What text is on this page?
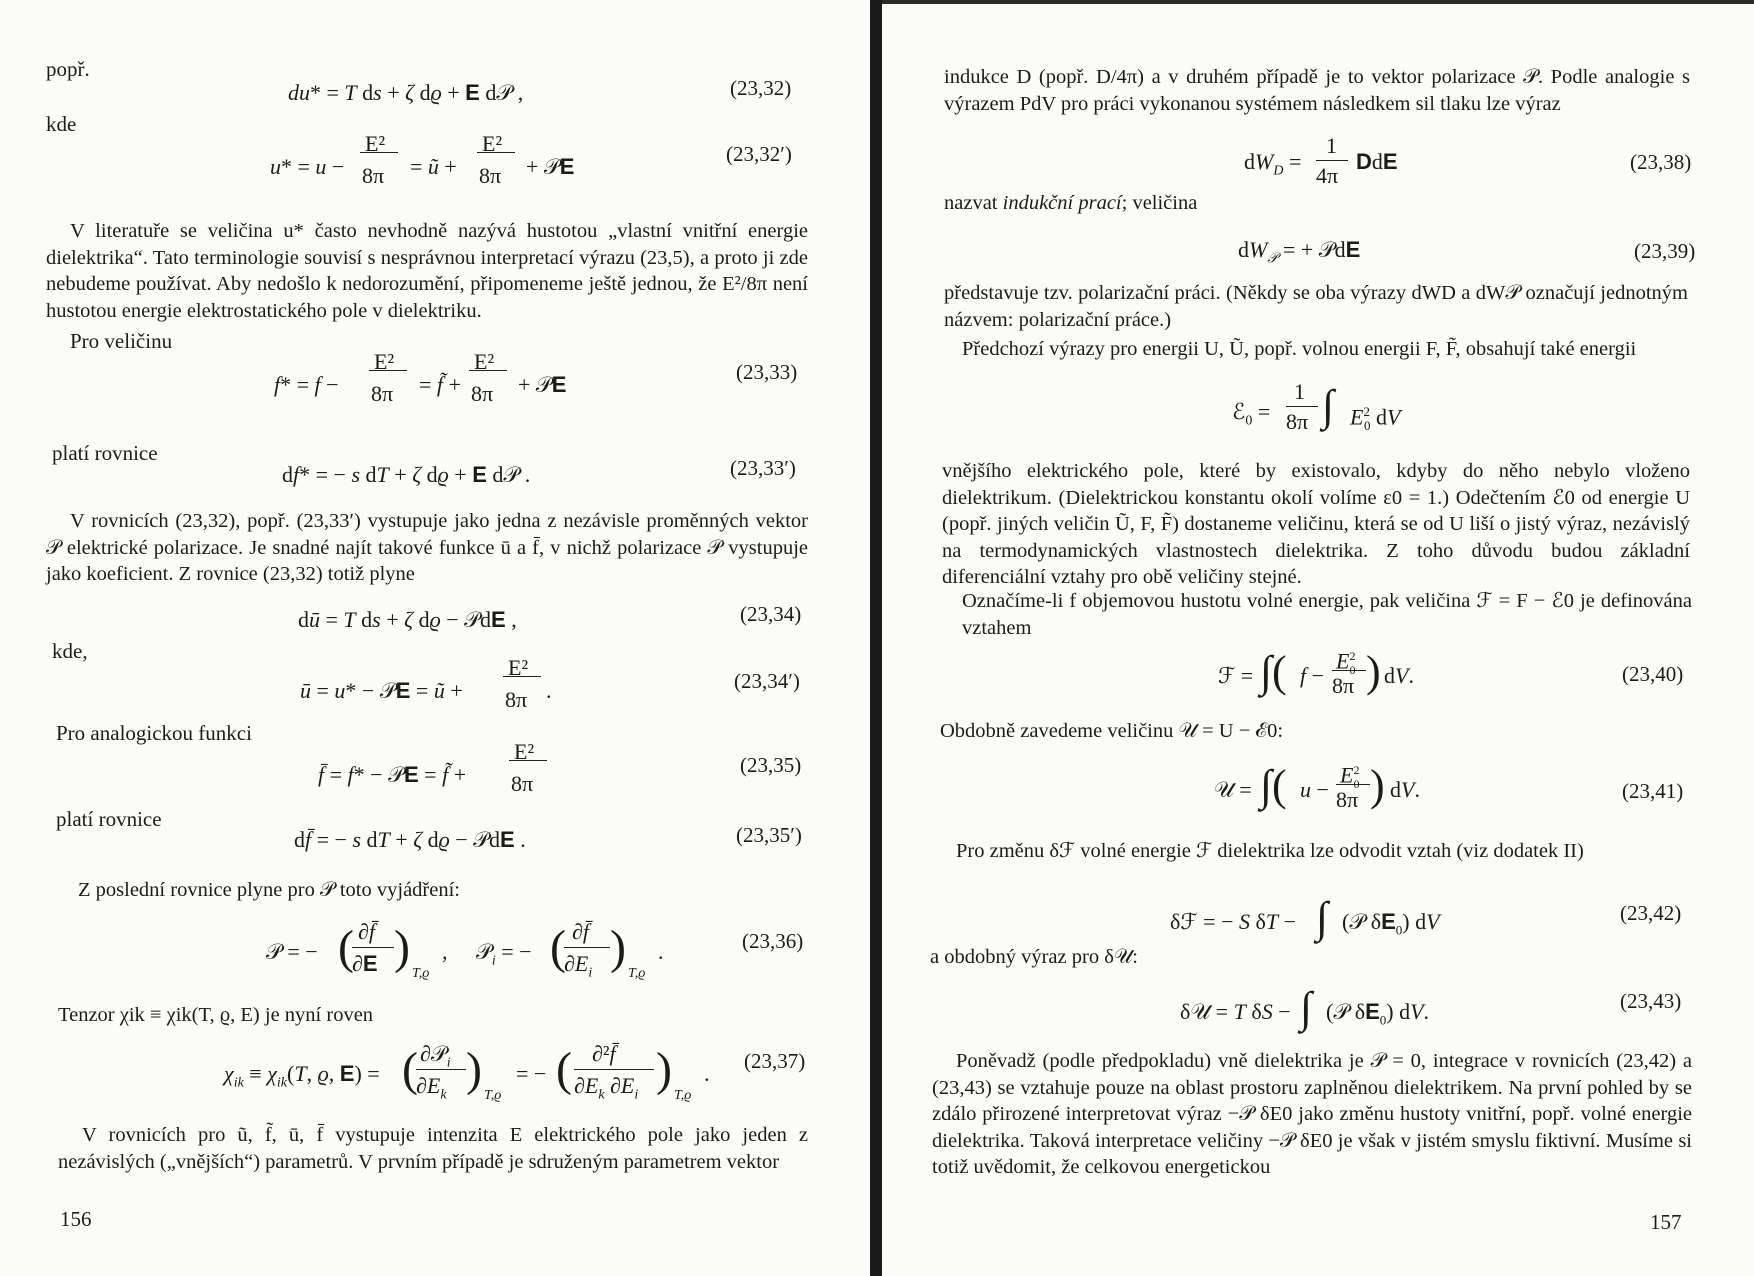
popř.
du* = T ds + ζ dϱ + E d𝒫 ,	(23,32)
kde
u* = u −
E²
8π = ũ +
E²
8π + 𝒫E	(23,32′)
V literatuře se veličina u* často nevhodně nazývá hustotou „vlastní vnitřní energie dielektrika“. Tato terminologie souvisí s nesprávnou interpretací výrazu (23,5), a proto ji zde nebudeme používat. Aby nedošlo k nedorozumění, připomeneme ještě jednou, že E²/8π není hustotou energie elektrostatického pole v dielektriku.
Pro veličinu
f* = f −
E²
8π = f̃ +
E²
8π + 𝒫E	(23,33)
platí rovnice
df* = − s dT + ζ dϱ + E d𝒫 .	(23,33′)
V rovnicích (23,32), popř. (23,33′) vystupuje jako jedna z nezávisle proměnných vektor 𝒫 elektrické polarizace. Je snadné najít takové funkce ū a f̄, v nichž polarizace 𝒫 vystupuje jako koeficient. Z rovnice (23,32) totiž plyne
dū = T ds + ζ dϱ − 𝒫dE ,	(23,34)
kde,
ū = u* − 𝒫E = ũ +
E²
8π .	(23,34′)
Pro analogickou funkci
f̄ = f* − 𝒫E = f̃ +
E²
8π
(23,35)
platí rovnice
df̄ = − s dT + ζ dϱ − 𝒫dE .	(23,35′)
Z poslední rovnice plyne pro 𝒫 toto vyjádření:
𝒫 = − ( ∂f̄
∂E ) T,ϱ
, 𝒫$_i$ = − ( ∂f̄
$\partial E_i$ ) T,ϱ
.	(23,36)
Tenzor χik ≡ χik(T, ϱ, E) je nyní roven
$\chi_{ik} \equiv \chi_{ik}(T$, ϱ, E) = ( ∂𝒫$_i$
$\partial E_k$ ) T,ϱ
= − ( ∂²f̄
$\partial E_k$ $\partial E_i$ ) T,ϱ
. (23,37)
V rovnicích pro ũ, f̃, ū, f̄ vystupuje intenzita E elektrického pole jako jeden z nezávislých („vnějších“) parametrů. V prvním případě je sdruženým parametrem vektor
156
indukce D (popř. D/4π) a v druhém případě je to vektor polarizace 𝒫. Podle analogie s výrazem PdV pro práci vykonanou systémem následkem sil tlaku lze výraz
$dW_D$ =
1
4π
DdE	(23,38)
nazvat indukční prací; veličina
$dW_𝒫$ = + 𝒫dE	(23,39)
představuje tzv. polarizační práci. (Někdy se oba výrazy dWD a dW𝒫 označují jednotným názvem: polarizační práce.)
Předchozí výrazy pro energii U, Ũ, popř. volnou energii F, F̃, obsahují také energii
ℰ$_0$ =
1
8π ∫ $E^2_0$ dV
vnějšího elektrického pole, které by existovalo, kdyby do něho nebylo vloženo dielektrikum. (Dielektrickou konstantu okolí volíme ε0 = 1.) Odečtením ℰ0 od energie U (popř. jiných veličin Ũ, F, F̃) dostaneme veličinu, která se od U liší o jistý výraz, nezávislý na termodynamických vlastnostech dielektrika. Z toho důvodu budou základní diferenciální vztahy pro obě veličiny stejné.
Označíme-li f objemovou hustotu volné energie, pak veličina ℱ = F − ℰ0 je definována vztahem
ℱ = ∫( f −
$E^2_0$
8π ) dV.	(23,40)
Obdobně zavedeme veličinu 𝒰 = U − ℰ0:
𝒰 = ∫( u −
$E^2_0$
8π ) dV.	(23,41)
Pro změnu δℱ volné energie ℱ dielektrika lze odvodit vztah (viz dodatek II)
δℱ = − S δT − ∫ (𝒫 $\delta E_0$) dV	(23,42)
a obdobný výraz pro δ𝒰:
δ𝒰 = T δS − ∫ (𝒫 $\delta E_0$) dV.	(23,43)
Poněvadž (podle předpokladu) vně dielektrika je 𝒫 = 0, integrace v rovnicích (23,42) a (23,43) se vztahuje pouze na oblast prostoru zaplněnou dielektrikem. Na první pohled by se zdálo přirozené interpretovat výraz −𝒫 δE0 jako změnu hustoty vnitřní, popř. volné energie dielektrika. Taková interpretace veličiny −𝒫 δE0 je však v jistém smyslu fiktivní. Musíme si totiž uvědomit, že celkovou energetickou
157
